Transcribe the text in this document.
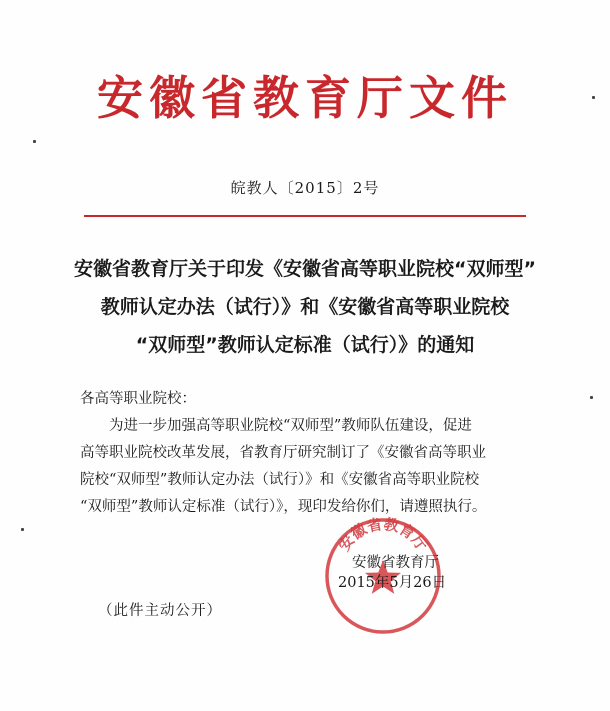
安徽省教育厅文件
皖教人〔2015〕2号
安徽省教育厅关于印发《安徽省高等职业院校“双师型”
教师认定办法（试行）》和《安徽省高等职业院校
“双师型”教师认定标准（试行）》的通知
各高等职业院校：
为进一步加强高等职业院校“双师型”教师队伍建设，促进
高等职业院校改革发展，省教育厅研究制订了《安徽省高等职业
院校“双师型”教师认定办法（试行）》和《安徽省高等职业院校
“双师型”教师认定标准（试行）》，现印发给你们，请遵照执行。
安徽省教育厅
安徽省教育厅
2015年5月26日
（此件主动公开）
